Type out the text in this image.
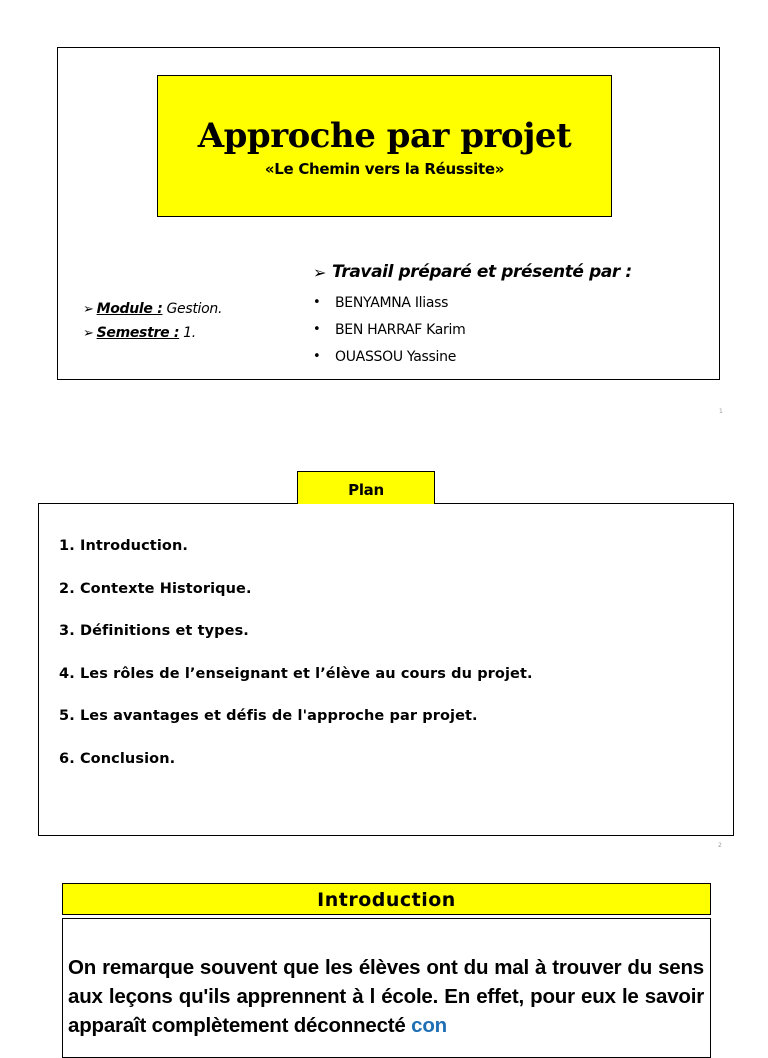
Approche par projet
«Le Chemin vers la Réussite»
➢ Module : Gestion .
➢ Semestre : 1 .
➢ Travail préparé et présenté par :
•	BENYAMNA Iliass
•	BEN HARRAF Karim
•	OUASSOU Yassine
1
Plan
1. Introduction.
2. Contexte Historique.
3. Définitions et types.
4. Les rôles de l’enseignant et l’élève au cours du projet.
5. Les avantages et défis de l'approche par projet.
6. Conclusion.
2
Introduction
On remarque souvent que les élèves ont du mal à trouver du sens aux leçons qu'ils apprennent à l école. En effet, pour eux le savoir apparaît complètement déconnecté con
